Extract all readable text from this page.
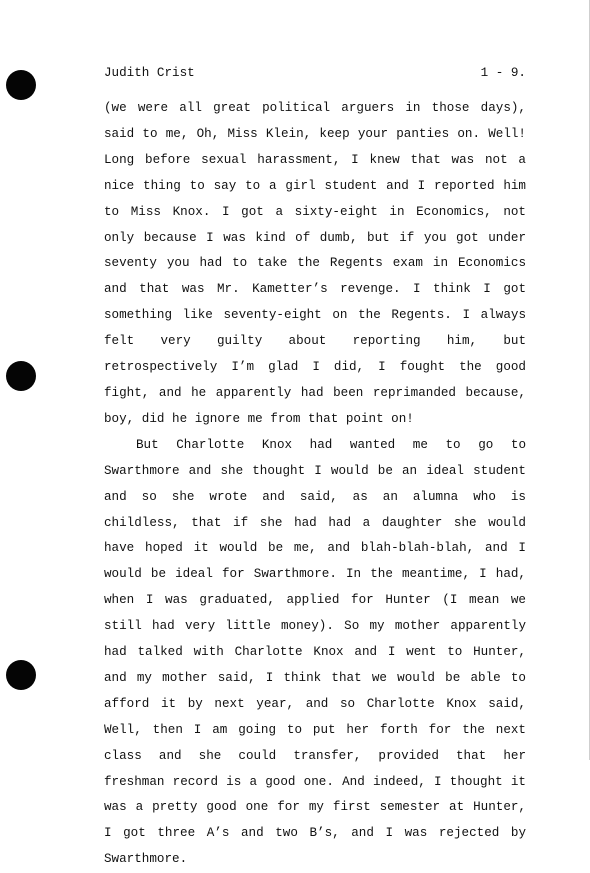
Judith Crist	1 - 9.

(we were all great political arguers in those days), said to me, Oh, Miss Klein, keep your panties on. Well! Long before sexual harassment, I knew that was not a nice thing to say to a girl student and I reported him to Miss Knox. I got a sixty-eight in Economics, not only because I was kind of dumb, but if you got under seventy you had to take the Regents exam in Economics and that was Mr. Kametter’s revenge. I think I got something like seventy-eight on the Regents. I always felt very guilty about reporting him, but retrospectively I’m glad I did, I fought the good fight, and he apparently had been reprimanded because, boy, did he ignore me from that point on!

But Charlotte Knox had wanted me to go to Swarthmore and she thought I would be an ideal student and so she wrote and said, as an alumna who is childless, that if she had had a daughter she would have hoped it would be me, and blah-blah-blah, and I would be ideal for Swarthmore. In the meantime, I had, when I was graduated, applied for Hunter (I mean we still had very little money). So my mother apparently had talked with Charlotte Knox and I went to Hunter, and my mother said, I think that we would be able to afford it by next year, and so Charlotte Knox said, Well, then I am going to put her forth for the next class and she could transfer, provided that her freshman record is a good one. And indeed, I thought it was a pretty good one for my first semester at Hunter, I got three A’s and two B’s, and I was rejected by Swarthmore.
